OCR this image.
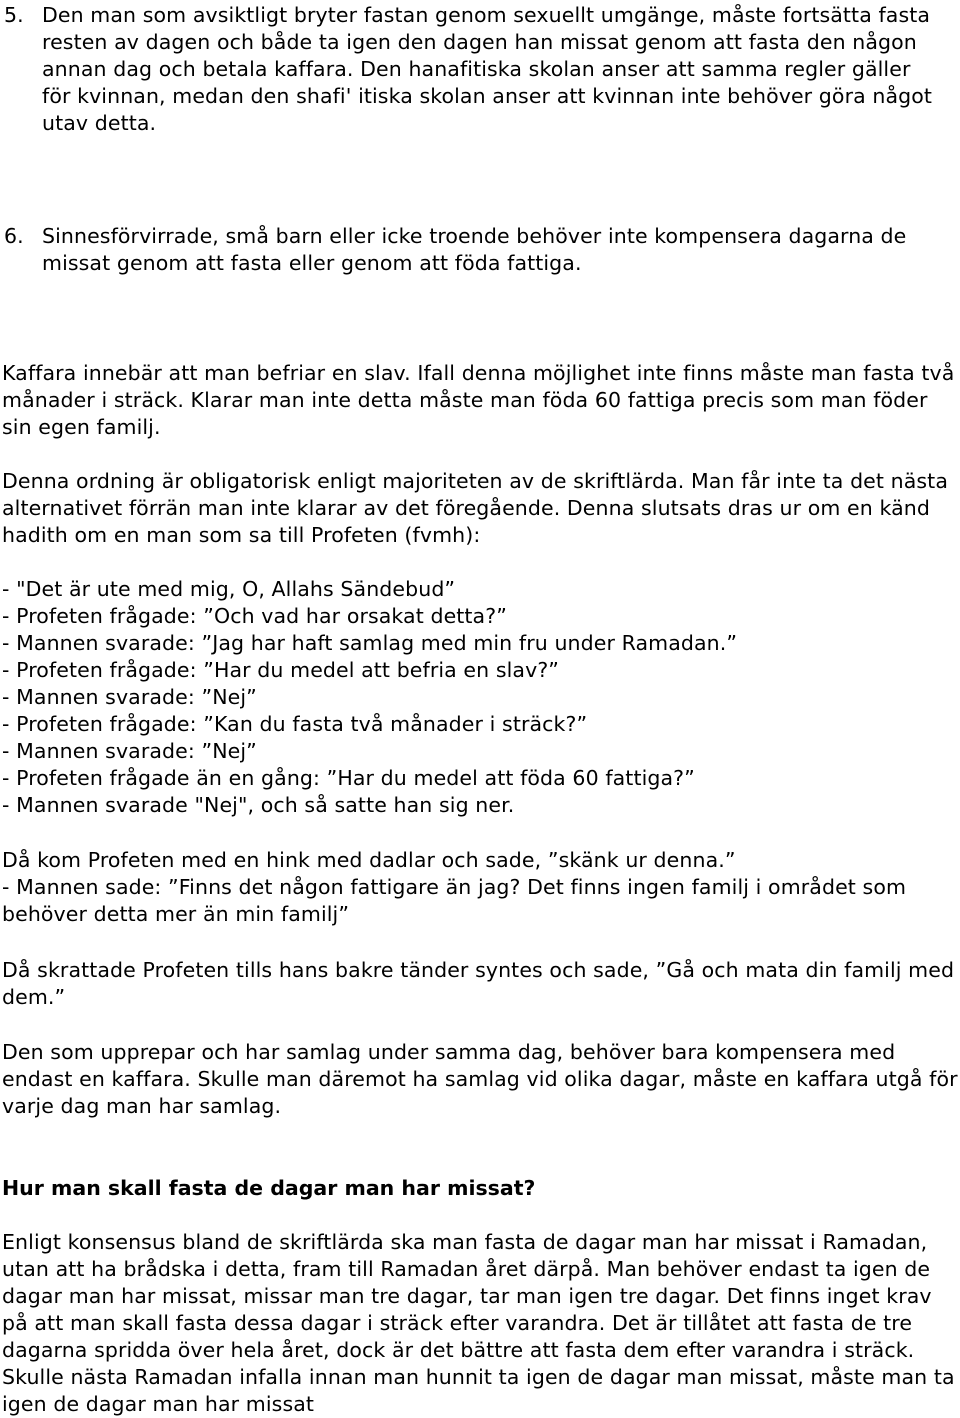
5. Den man som avsiktligt bryter fastan genom sexuellt umgänge, måste fortsätta fasta resten av dagen och både ta igen den dagen han missat genom att fasta den någon annan dag och betala kaffara. Den hanafitiska skolan anser att samma regler gäller för kvinnan, medan den shafi' itiska skolan anser att kvinnan inte behöver göra något utav detta.
6. Sinnesförvirrade, små barn eller icke troende behöver inte kompensera dagarna de missat genom att fasta eller genom att föda fattiga.
Kaffara innebär att man befriar en slav. Ifall denna möjlighet inte finns måste man fasta två månader i sträck. Klarar man inte detta måste man föda 60 fattiga precis som man föder sin egen familj.
Denna ordning är obligatorisk enligt majoriteten av de skriftlärda. Man får inte ta det nästa alternativet förrän man inte klarar av det föregående. Denna slutsats dras ur om en känd hadith om en man som sa till Profeten (fvmh):
- "Det är ute med mig, O, Allahs Sändebud”
- Profeten frågade: ”Och vad har orsakat detta?”
- Mannen svarade: ”Jag har haft samlag med min fru under Ramadan.”
- Profeten frågade: ”Har du medel att befria en slav?”
- Mannen svarade: ”Nej”
- Profeten frågade: ”Kan du fasta två månader i sträck?”
- Mannen svarade: ”Nej”
- Profeten frågade än en gång: ”Har du medel att föda 60 fattiga?”
- Mannen svarade "Nej", och så satte han sig ner.
Då kom Profeten med en hink med dadlar och sade, ”skänk ur denna.”
- Mannen sade: ”Finns det någon fattigare än jag? Det finns ingen familj i området som behöver detta mer än min familj”
Då skrattade Profeten tills hans bakre tänder syntes och sade, ”Gå och mata din familj med dem.”
Den som upprepar och har samlag under samma dag, behöver bara kompensera med endast en kaffara. Skulle man däremot ha samlag vid olika dagar, måste en kaffara utgå för varje dag man har samlag.
Hur man skall fasta de dagar man har missat?
Enligt konsensus bland de skriftlärda ska man fasta de dagar man har missat i Ramadan, utan att ha brådska i detta, fram till Ramadan året därpå. Man behöver endast ta igen de dagar man har missat, missar man tre dagar, tar man igen tre dagar. Det finns inget krav på att man skall fasta dessa dagar i sträck efter varandra. Det är tillåtet att fasta de tre dagarna spridda över hela året, dock är det bättre att fasta dem efter varandra i sträck. Skulle nästa Ramadan infalla innan man hunnit ta igen de dagar man missat, måste man ta igen de dagar man har missat
